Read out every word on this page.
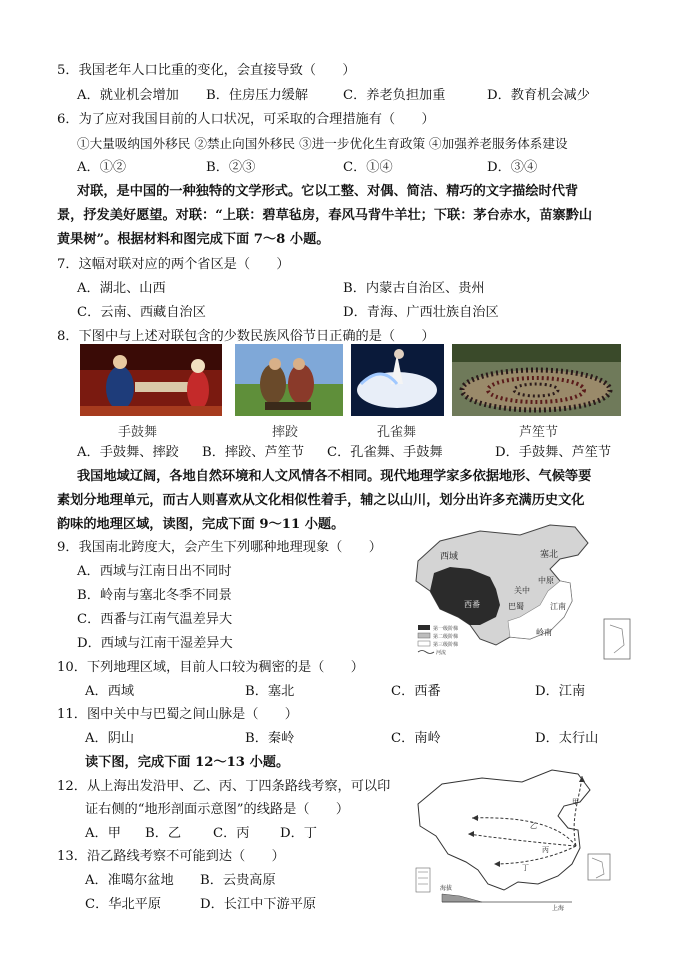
5．我国老年人口比重的变化，会直接导致（　　）
A．就业机会增加 B．住房压力缓解	C．养老负担加重	D．教育机会减少
6．为了应对我国目前的人口状况，可采取的合理措施有（　　）
①大量吸纳国外移民 ②禁止向国外移民 ③进一步优化生育政策 ④加强养老服务体系建设
A．①②	B．②③	C．①④	D．③④
对联，是中国的一种独特的文学形式。它以工整、对偶、简洁、精巧的文字描绘时代背
景，抒发美好愿望。对联：“上联：碧草毡房，春风马背牛羊壮；下联：茅台赤水，苗寨黔山
黄果树”。根据材料和图完成下面 7～8 小题。
7．这幅对联对应的两个省区是（　　）
A．湖北、山西	B．内蒙古自治区、贵州
C．云南、西藏自治区	D．青海、广西壮族自治区
8．下图中与上述对联包含的少数民族风俗节日正确的是（　　）
手鼓舞	摔跤	孔雀舞	芦笙节
A．手鼓舞、摔跤 B．摔跤、芦笙节 C．孔雀舞、手鼓舞	D．手鼓舞、芦笙节
我国地域辽阔，各地自然环境和人文风情各不相同。现代地理学家多依据地形、气候等要
素划分地理单元，而古人则喜欢从文化相似性着手，辅之以山川，划分出许多充满历史文化
韵味的地理区域，读图，完成下面 9～11 小题。
9．我国南北跨度大，会产生下列哪种地理现象（　　）
A．西域与江南日出不同时
B．岭南与塞北冬季不同景
C．西番与江南气温差异大
D．西域与江南干湿差异大
第一级阶梯
第二级阶梯
第三级阶梯
河流
西域	塞北
中原
关中
巴蜀
西番	江南
岭南
10．下列地理区域，目前人口较为稠密的是（　　）
A．西域	B．塞北	C．西番	D．江南
11．图中关中与巴蜀之间山脉是（　　）
A．阴山	B．秦岭	C．南岭	D．太行山
读下图，完成下面 12～13 小题。
12．从上海出发沿甲、乙、丙、丁四条路线考察，可以印
证右侧的“地形剖面示意图”的线路是（　　）
A．甲 B．乙 C．丙 D．丁
13．沿乙路线考察不可能到达（　　）
A．准噶尔盆地 B．云贵高原
C．华北平原	D．长江中下游平原
甲
乙
丙
丁
海拔
上海
